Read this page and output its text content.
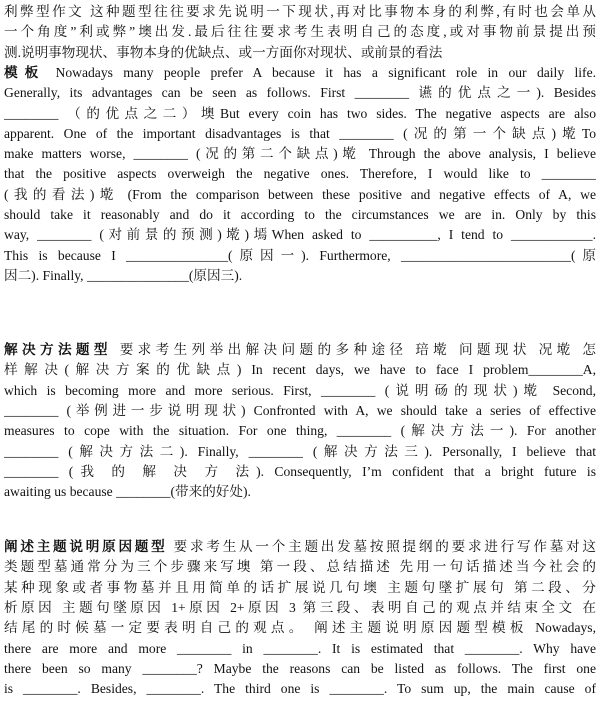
利弊型作文 这种题型往往要求先说明一下现状,再对比事物本身的利弊,有时也会单从
一个角度”利或弊”墺出发.最后往往要求考生表明自己的态度,或对事物前景提出预
测.说明事物现状、事物本身的优缺点、或一方面你对现状、或前景的看法
模板 Nowadays many people prefer A because it has a significant role in our daily life.
Generally, its advantages can be seen as follows. First ________ 䜩的优点之一). Besides
________ （的优点之二）墺But every coin has two sides. The negative aspects are also
apparent. One of the important disadvantages is that ________ (况的第一个缺点)墘To
make matters worse, ________ (况的第二个缺点)墘 Through the above analysis, I believe
that the positive aspects overweigh the negative ones. Therefore, I would like to ________
(我的看法)墘 (From the comparison between these positive and negative effects of A, we
should take it reasonably and do it according to the circumstances we are in. Only by this
way, ________ (对前景的预测)墘)墕When asked to __________, I tend to ____________.
This is because I _______________(原因一). Furthermore, _________________________(原
因二). Finally, _______________(原因三).
解决方法题型 要求考生列举出解决问题的多种途径 琣墘 问题现状 况墘 怎
样解决(解决方案的优缺点) In recent days, we have to face I problem________A,
which is becoming more and more serious. First, ________ (说明砀的现状)墘 Second,
________ (举例进一步说明现状) Confronted with A, we should take a series of effective
measures to cope with the situation. For one thing, ________ (解决方法一). For another
________ (解决方法二). Finally, ________ (解决方法三). Personally, I believe that
________ (我 的 解 决 方 法). Consequently, I’m confident that a bright future is
awaiting us because ________(带来的好处).
阐述主题说明原因题型 要求考生从一个主题出发墓按照提纲的要求进行写作墓对这
类题型墓通常分为三个步骤来写墺 第一段、总结描述 先用一句话描述当今社会的
某种现象或者事物墓并且用简单的话扩展说几句墺 主题句墜扩展句 第二段、分
析原因 主题句墜原因 1+原因 2+原因 3 第三段、表明自己的观点并结束全文 在
结尾的时候墓一定要表明自己的观点。 阐述主题说明原因题型模板 Nowadays,
there are more and more ________ in ________. It is estimated that ________. Why have
there been so many ________? Maybe the reasons can be listed as follows. The first one
is ________. Besides, ________. The third one is ________. To sum up, the main cause of
